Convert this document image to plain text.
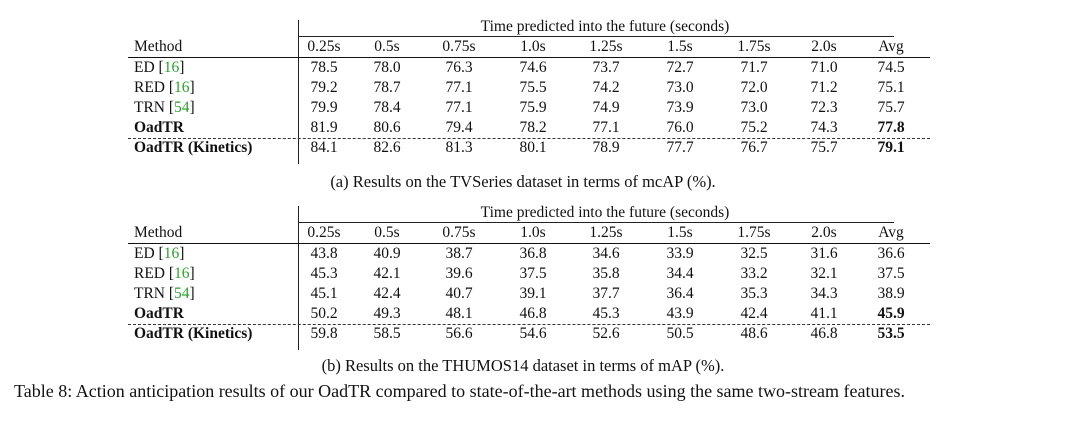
Time predicted into the future (seconds)
Method	0.25s	0.5s	0.75s	1.0s	1.25s	1.5s	1.75s	2.0s	Avg
ED [16]	78.5	78.0	76.3	74.6	73.7	72.7	71.7	71.0	74.5
RED [16]	79.2	78.7	77.1	75.5	74.2	73.0	72.0	71.2	75.1
TRN [54]	79.9	78.4	77.1	75.9	74.9	73.9	73.0	72.3	75.7
OadTR	81.9	80.6	79.4	78.2	77.1	76.0	75.2	74.3	77.8
OadTR (Kinetics)	84.1	82.6	81.3	80.1	78.9	77.7	76.7	75.7	79.1
(a) Results on the TVSeries dataset in terms of mcAP (%).
Time predicted into the future (seconds)
Method	0.25s	0.5s	0.75s	1.0s	1.25s	1.5s	1.75s	2.0s	Avg
ED [16]	43.8	40.9	38.7	36.8	34.6	33.9	32.5	31.6	36.6
RED [16]	45.3	42.1	39.6	37.5	35.8	34.4	33.2	32.1	37.5
TRN [54]	45.1	42.4	40.7	39.1	37.7	36.4	35.3	34.3	38.9
OadTR	50.2	49.3	48.1	46.8	45.3	43.9	42.4	41.1	45.9
OadTR (Kinetics)	59.8	58.5	56.6	54.6	52.6	50.5	48.6	46.8	53.5
(b) Results on the THUMOS14 dataset in terms of mAP (%).
Table 8: Action anticipation results of our OadTR compared to state-of-the-art methods using the same two-stream features.
